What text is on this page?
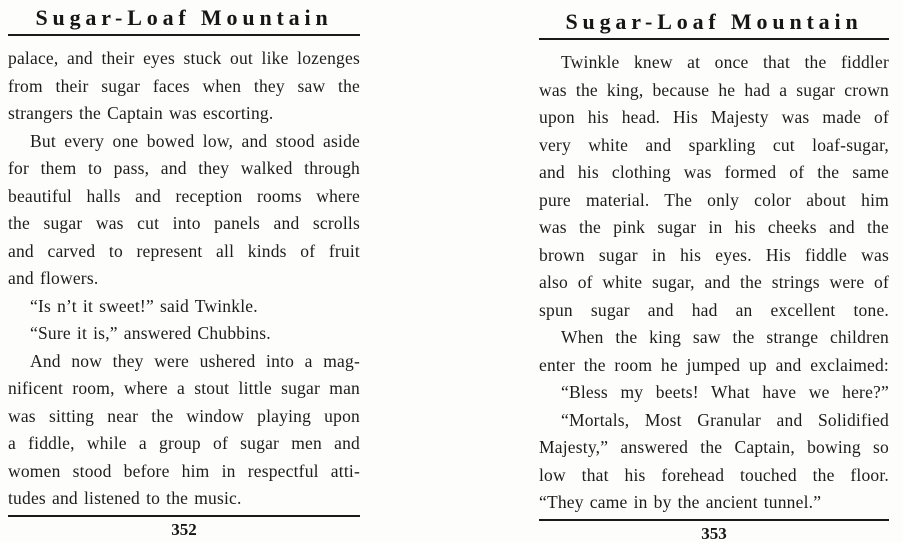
Sugar-Loaf Mountain
palace, and their eyes stuck out like lozenges
from their sugar faces when they saw the
strangers the Captain was escorting.
But every one bowed low, and stood aside
for them to pass, and they walked through
beautiful halls and reception rooms where
the sugar was cut into panels and scrolls
and carved to represent all kinds of fruit
and flowers.
“Is n’t it sweet!” said Twinkle.
“Sure it is,” answered Chubbins.
And now they were ushered into a mag-
nificent room, where a stout little sugar man
was sitting near the window playing upon
a fiddle, while a group of sugar men and
women stood before him in respectful atti-
tudes and listened to the music.
352
Sugar-Loaf Mountain
Twinkle knew at once that the fiddler
was the king, because he had a sugar crown
upon his head. His Majesty was made of
very white and sparkling cut loaf-sugar,
and his clothing was formed of the same
pure material. The only color about him
was the pink sugar in his cheeks and the
brown sugar in his eyes. His fiddle was
also of white sugar, and the strings were of
spun sugar and had an excellent tone.
When the king saw the strange children
enter the room he jumped up and exclaimed:
“Bless my beets! What have we here?”
“Mortals, Most Granular and Solidified
Majesty,” answered the Captain, bowing so
low that his forehead touched the floor.
“They came in by the ancient tunnel.”
353
